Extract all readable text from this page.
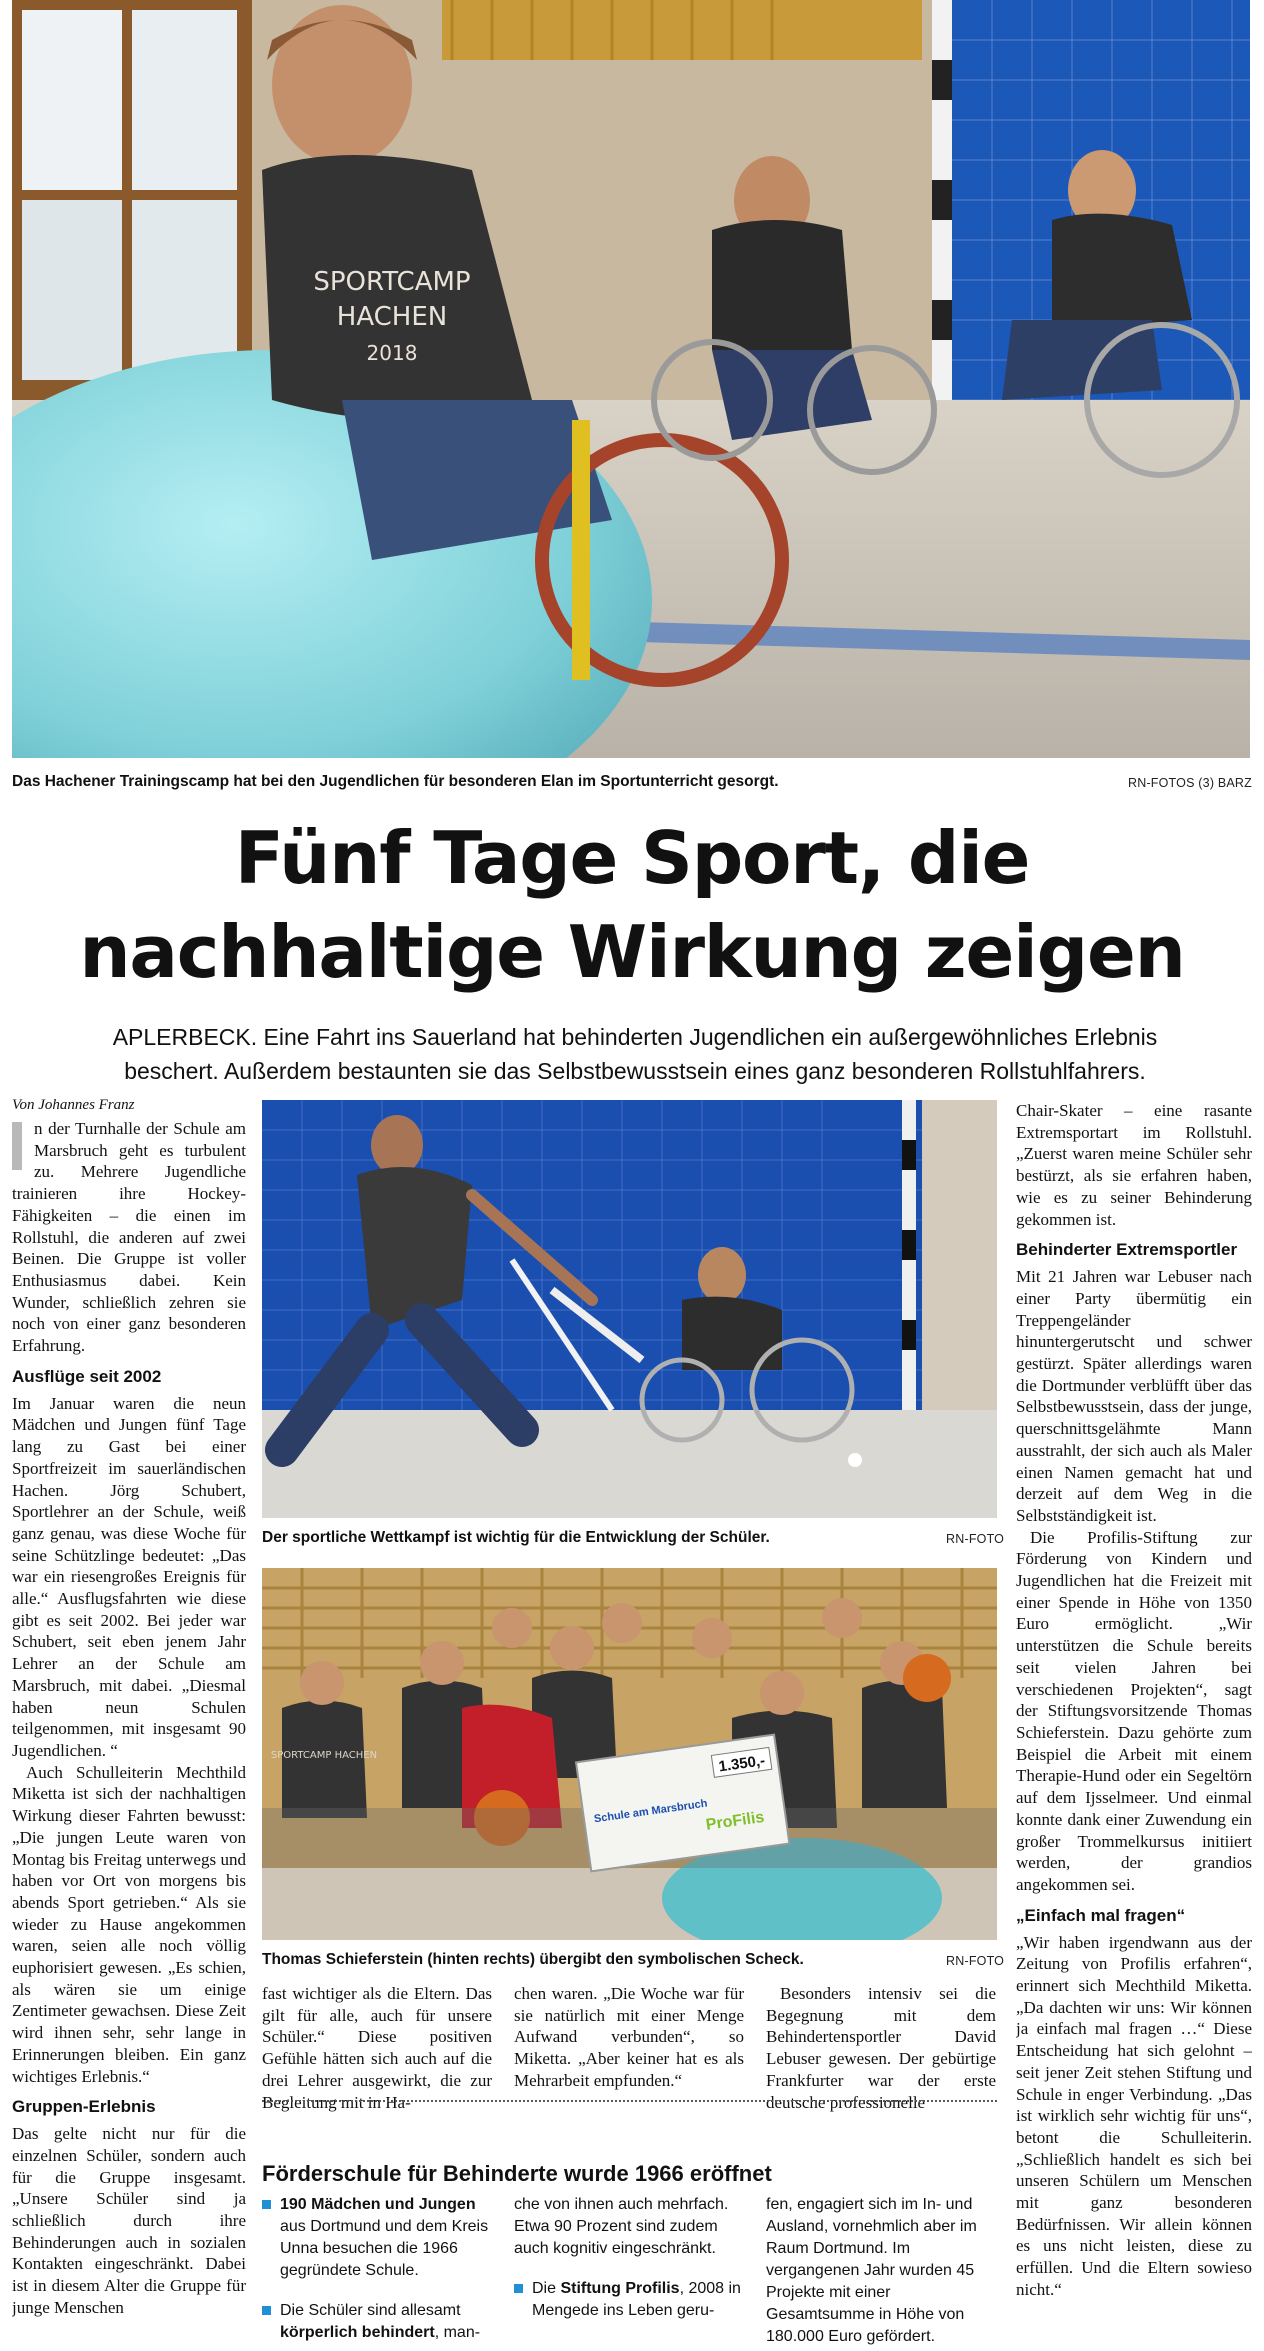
SPORTCAMP
HACHEN
2018
Das Hachener Trainingscamp hat bei den Jugendlichen für besonderen Elan im Sportunterricht gesorgt.	RN-FOTOS (3) BARZ
Fünf Tage Sport, die
nachhaltige Wirkung zeigen
APLERBECK. Eine Fahrt ins Sauerland hat behinderten Jugendlichen ein außergewöhnliches Erlebnis
beschert. Außerdem bestaunten sie das Selbstbewusstsein eines ganz besonderen Rollstuhlfahrers.
Von Johannes Franz

n der Turnhalle der Schule am Marsbruch geht es turbulent zu. Mehrere Jugendliche trainieren ihre Hockey-Fähigkeiten – die einen im Rollstuhl, die anderen auf zwei Beinen. Die Gruppe ist voller Enthusiasmus dabei. Kein Wunder, schließlich zehren sie noch von einer ganz besonderen Erfahrung.

Ausflüge seit 2002

Im Januar waren die neun Mädchen und Jungen fünf Tage lang zu Gast bei einer Sportfreizeit im sauerländischen Hachen. Jörg Schubert, Sportlehrer an der Schule, weiß ganz genau, was diese Woche für seine Schützlinge bedeutet: „Das war ein riesengroßes Ereignis für alle.“ Ausflugsfahrten wie diese gibt es seit 2002. Bei jeder war Schubert, seit eben jenem Jahr Lehrer an der Schule am Marsbruch, mit dabei. „Diesmal haben neun Schulen teilgenommen, mit insgesamt 90 Jugendlichen. “

Auch Schulleiterin Mechthild Miketta ist sich der nachhaltigen Wirkung dieser Fahrten bewusst: „Die jungen Leute waren von Montag bis Freitag unterwegs und haben vor Ort von morgens bis abends Sport getrieben.“ Als sie wieder zu Hause angekommen waren, seien alle noch völlig euphorisiert gewesen. „Es schien, als wären sie um einige Zentimeter gewachsen. Diese Zeit wird ihnen sehr, sehr lange in Erinnerungen bleiben. Ein ganz wichtiges Erlebnis.“

Gruppen-Erlebnis

Das gelte nicht nur für die einzelnen Schüler, sondern auch für die Gruppe insgesamt. „Unsere Schüler sind ja schließlich durch ihre Behinderungen auch in sozialen Kontakten eingeschränkt. Dabei ist in diesem Alter die Gruppe für junge Menschen

Der sportliche Wettkampf ist wichtig für die Entwicklung der Schüler.	RN-FOTO
SPORTCAMP HACHEN	1.350,-
Schule am Marsbruch
ProFilis
Thomas Schieferstein (hinten rechts) übergibt den symbolischen Scheck.	RN-FOTO

fast wichtiger als die Eltern. Das gilt für alle, auch für unsere Schüler.“ Diese positiven Gefühle hätten sich auch auf die drei Lehrer ausgewirkt, die zur Begleitung mit in Ha-

chen waren. „Die Woche war für sie natürlich mit einer Menge Aufwand verbunden“, so Miketta. „Aber keiner hat es als Mehrarbeit empfunden.“

Besonders intensiv sei die Begegnung mit dem Behindertensportler David Lebuser gewesen. Der gebürtige Frankfurter war der erste deutsche professionelle

Förderschule für Behinderte wurde 1966 eröffnet
190 Mädchen und Jungen aus Dortmund und dem Kreis Unna besuchen die 1966 gegründete Schule.
Die Schüler sind allesamt körperlich behindert, man-
che von ihnen auch mehrfach. Etwa 90 Prozent sind zudem auch kognitiv eingeschränkt.
Die Stiftung Profilis, 2008 in Mengede ins Leben geru-
fen, engagiert sich im In- und Ausland, vornehmlich aber im Raum Dortmund. Im vergangenen Jahr wurden 45 Projekte mit einer Gesamtsumme in Höhe von 180.000 Euro gefördert.

Chair-Skater – eine rasante Extremsportart im Rollstuhl. „Zuerst waren meine Schüler sehr bestürzt, als sie erfahren haben, wie es zu seiner Behinderung gekommen ist.

Behinderter Extremsportler

Mit 21 Jahren war Lebuser nach einer Party übermütig ein Treppengeländer hinuntergerutscht und schwer gestürzt. Später allerdings waren die Dortmunder verblüfft über das Selbstbewusstsein, dass der junge, querschnittsgelähmte Mann ausstrahlt, der sich auch als Maler einen Namen gemacht hat und derzeit auf dem Weg in die Selbstständigkeit ist.

Die Profilis-Stiftung zur Förderung von Kindern und Jugendlichen hat die Freizeit mit einer Spende in Höhe von 1350 Euro ermöglicht. „Wir unterstützen die Schule bereits seit vielen Jahren bei verschiedenen Projekten“, sagt der Stiftungsvorsitzende Thomas Schieferstein. Dazu gehörte zum Beispiel die Arbeit mit einem Therapie-Hund oder ein Segeltörn auf dem Ijsselmeer. Und einmal konnte dank einer Zuwendung ein großer Trommelkursus initiiert werden, der grandios angekommen sei.

„Einfach mal fragen“

„Wir haben irgendwann aus der Zeitung von Profilis erfahren“, erinnert sich Mechthild Miketta. „Da dachten wir uns: Wir können ja einfach mal fragen …“ Diese Entscheidung hat sich gelohnt – seit jener Zeit stehen Stiftung und Schule in enger Verbindung. „Das ist wirklich sehr wichtig für uns“, betont die Schulleiterin. „Schließlich handelt es sich bei unseren Schülern um Menschen mit ganz besonderen Bedürfnissen. Wir allein können es uns nicht leisten, diese zu erfüllen. Und die Eltern sowieso nicht.“
